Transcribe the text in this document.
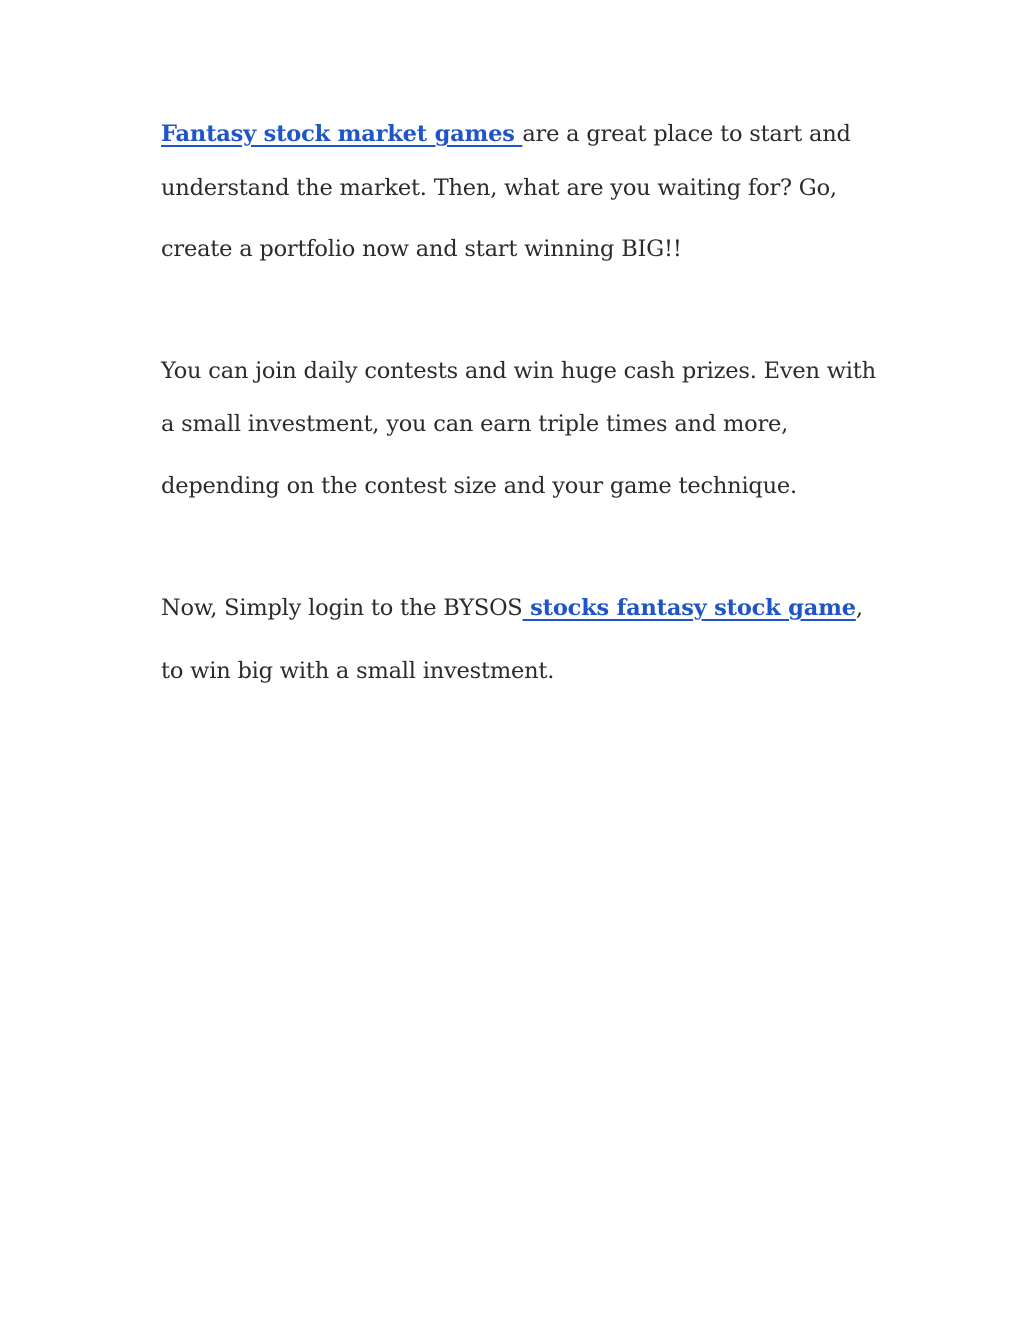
Fantasy stock market games are a great place to start and
understand the market. Then, what are you waiting for? Go,
create a portfolio now and start winning BIG!!
You can join daily contests and win huge cash prizes. Even with
a small investment, you can earn triple times and more,
depending on the contest size and your game technique.
Now, Simply login to the BYSOS stocks fantasy stock game,
to win big with a small investment.
